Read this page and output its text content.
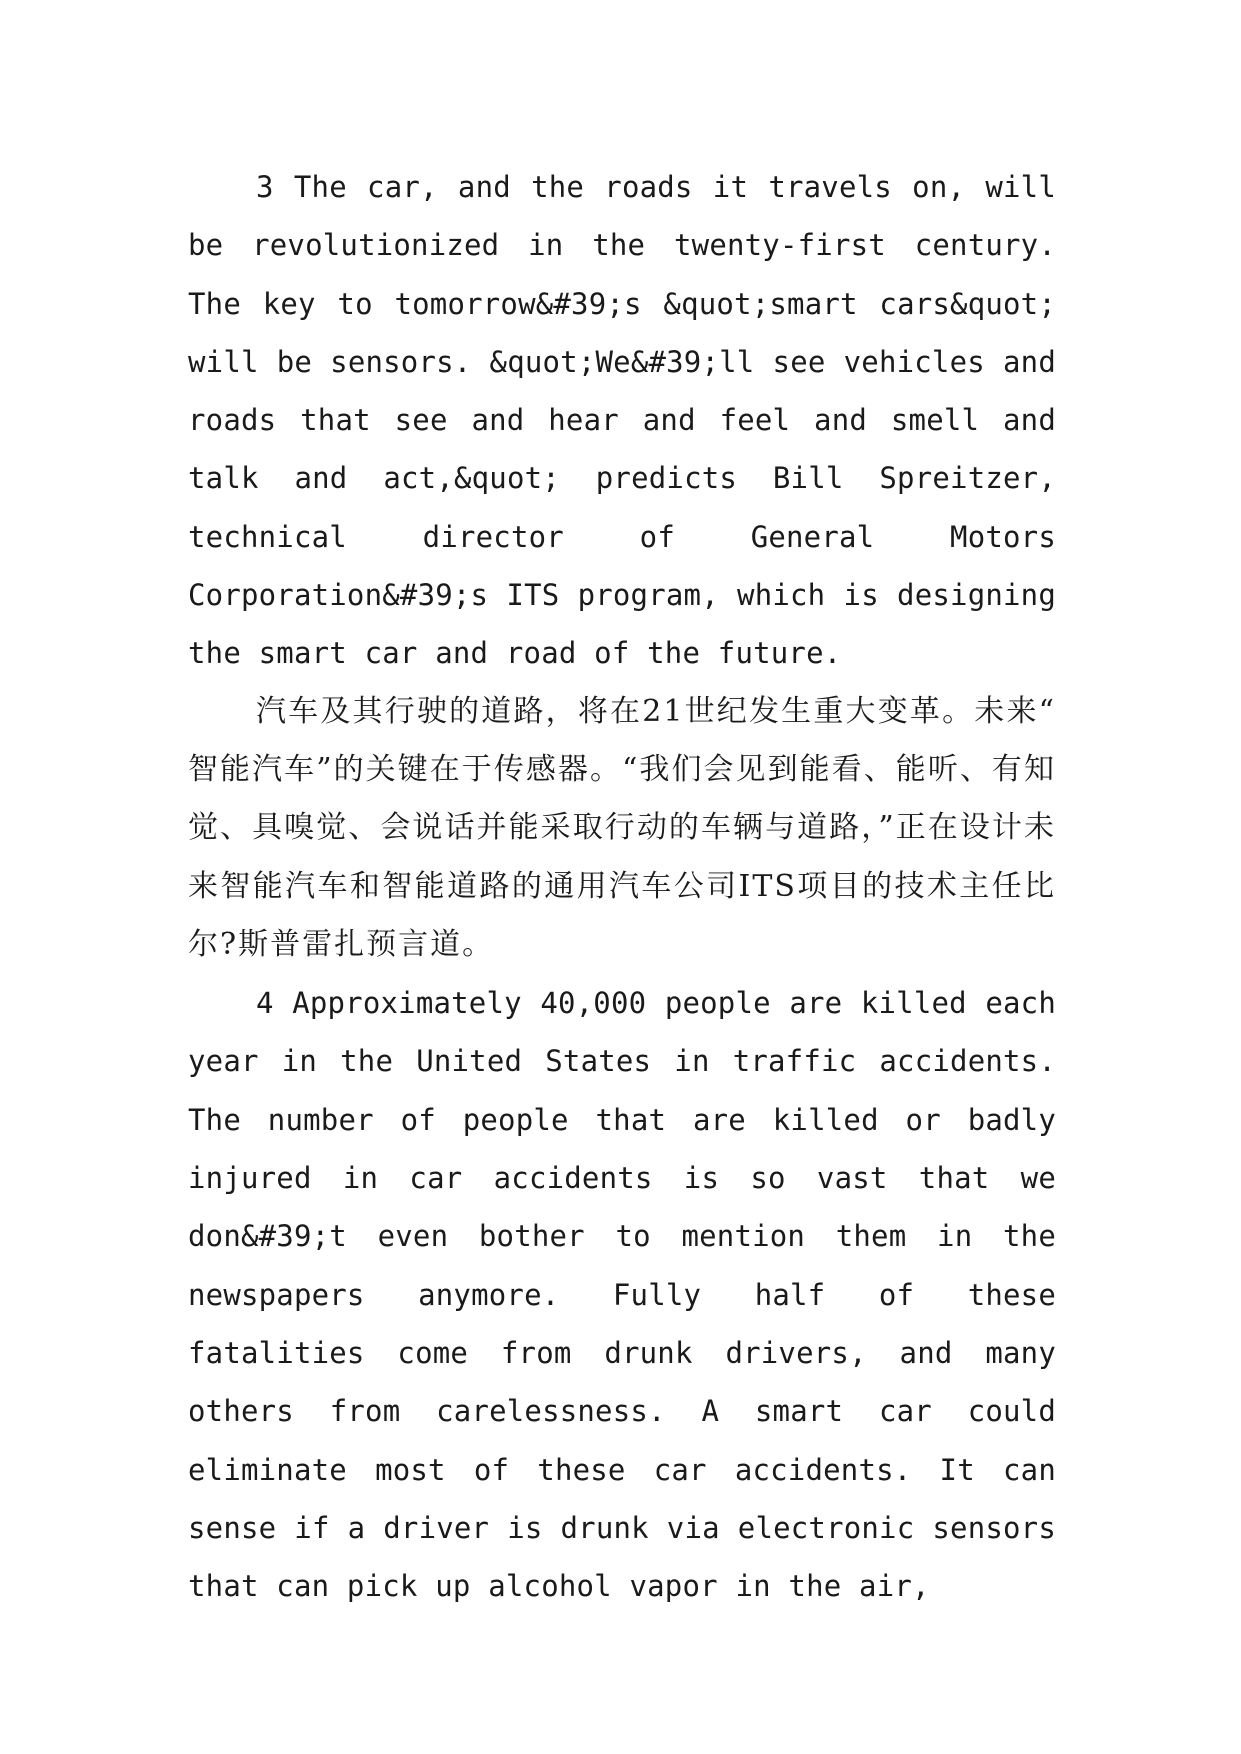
3 The car, and the roads it travels on, will be revolutionized in the twenty-first century. The key to tomorrow&#39;s &quot;smart cars&quot; will be sensors. &quot;We&#39;ll see vehicles and roads that see and hear and feel and smell and talk and act,&quot; predicts Bill Spreitzer, technical director of General Motors Corporation&#39;s ITS program, which is designing the smart car and road of the future.

汽车及其行驶的道路，将在21世纪发生重大变革。未来“智能汽车”的关键在于传感器。“我们会见到能看、能听、有知觉、具嗅觉、会说话并能采取行动的车辆与道路，”正在设计未来智能汽车和智能道路的通用汽车公司ITS项目的技术主任比尔?斯普雷扎预言道。

4 Approximately 40,000 people are killed each year in the United States in traffic accidents. The number of people that are killed or badly injured in car accidents is so vast that we don&#39;t even bother to mention them in the newspapers anymore. Fully half of these fatalities come from drunk drivers, and many others from carelessness. A smart car could eliminate most of these car accidents. It can sense if a driver is drunk via electronic sensors that can pick up alcohol vapor in the air,
